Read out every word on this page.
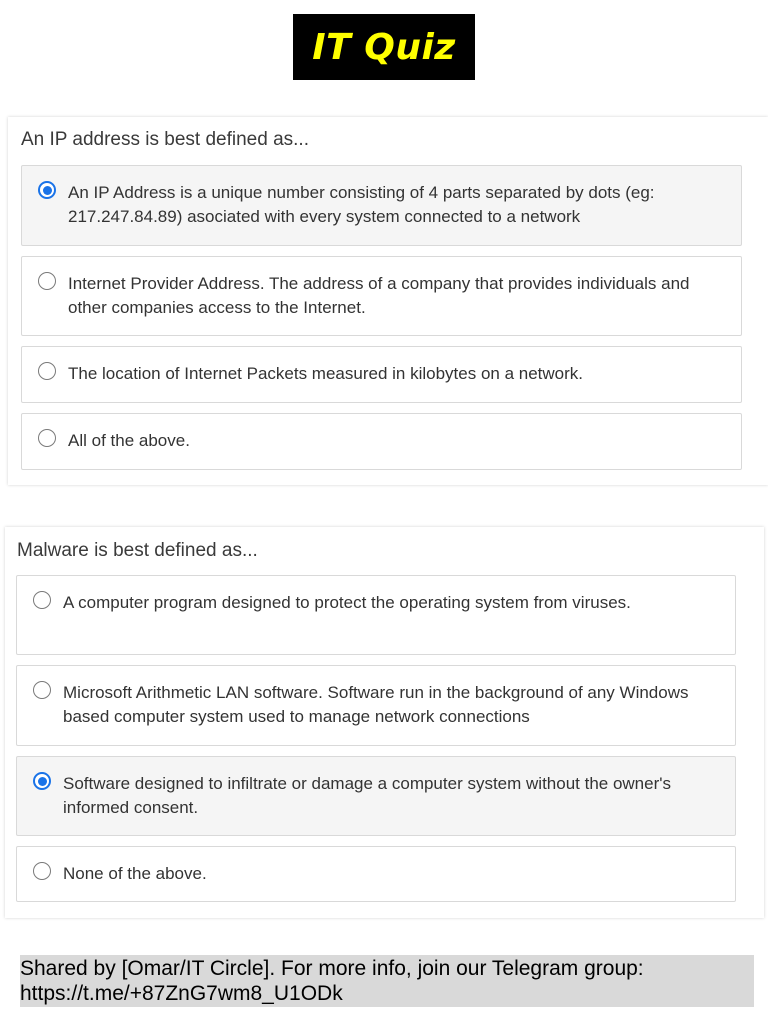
IT Quiz
An IP address is best defined as...
An IP Address is a unique number consisting of 4 parts separated by dots (eg: 217.247.84.89) asociated with every system connected to a network
Internet Provider Address. The address of a company that provides individuals and other companies access to the Internet.
The location of Internet Packets measured in kilobytes on a network.
All of the above.
Malware is best defined as...
A computer program designed to protect the operating system from viruses.
Microsoft Arithmetic LAN software. Software run in the background of any Windows based computer system used to manage network connections
Software designed to infiltrate or damage a computer system without the owner's informed consent.
None of the above.
Shared by [Omar/IT Circle]. For more info, join our Telegram group:
https://t.me/+87ZnG7wm8_U1ODk
